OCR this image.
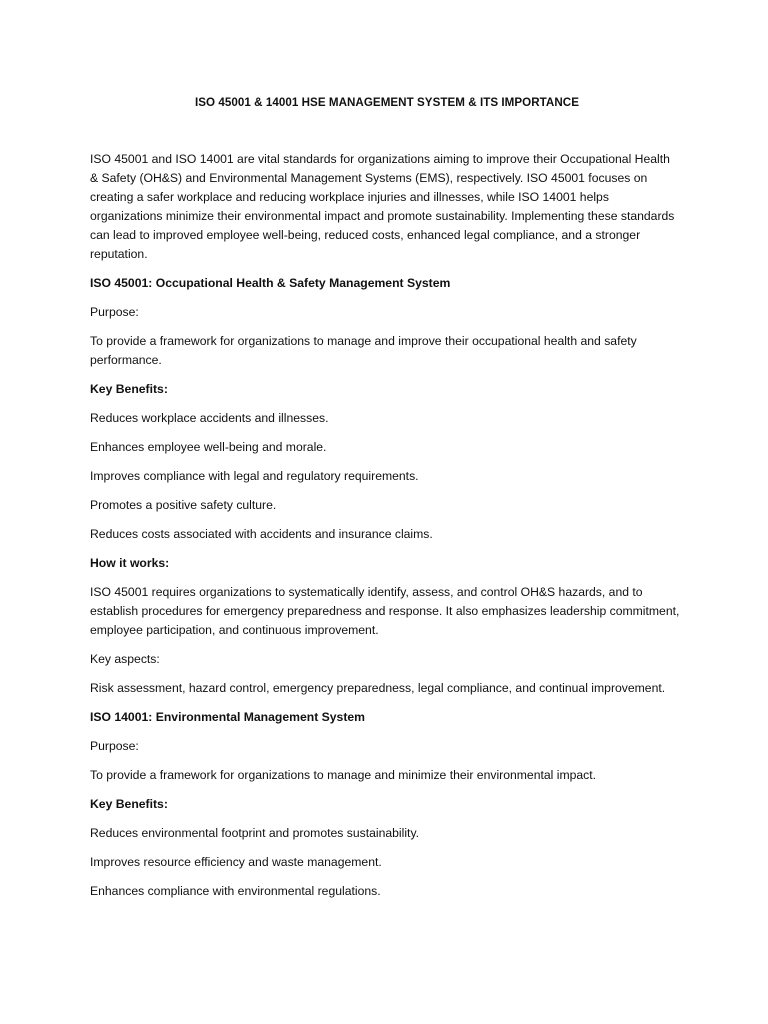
ISO 45001 & 14001 HSE MANAGEMENT SYSTEM & ITS IMPORTANCE

ISO 45001 and ISO 14001 are vital standards for organizations aiming to improve their Occupational Health & Safety (OH&S) and Environmental Management Systems (EMS), respectively. ISO 45001 focuses on creating a safer workplace and reducing workplace injuries and illnesses, while ISO 14001 helps organizations minimize their environmental impact and promote sustainability. Implementing these standards can lead to improved employee well-being, reduced costs, enhanced legal compliance, and a stronger reputation.

ISO 45001: Occupational Health & Safety Management System

Purpose:

To provide a framework for organizations to manage and improve their occupational health and safety performance.

Key Benefits:

Reduces workplace accidents and illnesses.

Enhances employee well-being and morale.

Improves compliance with legal and regulatory requirements.

Promotes a positive safety culture.

Reduces costs associated with accidents and insurance claims.

How it works:

ISO 45001 requires organizations to systematically identify, assess, and control OH&S hazards, and to establish procedures for emergency preparedness and response. It also emphasizes leadership commitment, employee participation, and continuous improvement.

Key aspects:

Risk assessment, hazard control, emergency preparedness, legal compliance, and continual improvement.

ISO 14001: Environmental Management System

Purpose:

To provide a framework for organizations to manage and minimize their environmental impact.

Key Benefits:

Reduces environmental footprint and promotes sustainability.

Improves resource efficiency and waste management.

Enhances compliance with environmental regulations.
